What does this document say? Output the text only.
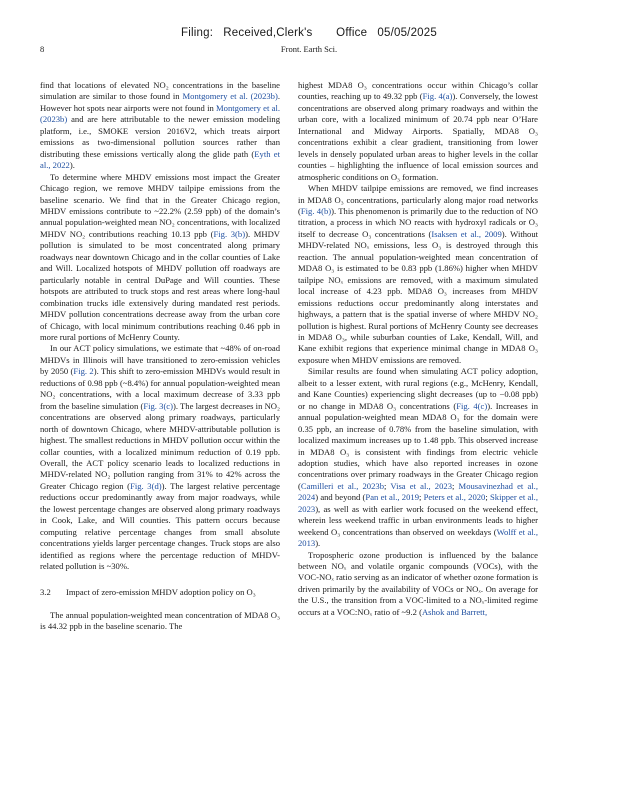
Filing:   Received,Clerk's       Office   05/05/2025
8	Front. Earth Sci.

find that locations of elevated NO₂ concentrations in the baseline simulation are similar to those found in Montgomery et al. (2023b). However hot spots near airports were not found in Montgomery et al. (2023b) and are here attributable to the newer emission modeling platform, i.e., SMOKE version 2016V2, which treats airport emissions as two-dimensional pollution sources rather than distributing these emissions vertically along the glide path (Eyth et al., 2022).

To determine where MHDV emissions most impact the Greater Chicago region, we remove MHDV tailpipe emissions from the baseline scenario. We find that in the Greater Chicago region, MHDV emissions contribute to ~22.2% (2.59 ppb) of the domain’s annual population-weighted mean NO₂ concentrations, with localized MHDV NO₂ contributions reaching 10.13 ppb (Fig. 3(b)). MHDV pollution is simulated to be most concentrated along primary roadways near downtown Chicago and in the collar counties of Lake and Will. Localized hotspots of MHDV pollution off roadways are particularly notable in central DuPage and Will counties. These hotspots are attributed to truck stops and rest areas where long-haul combination trucks idle extensively during mandated rest periods. MHDV pollution concentrations decrease away from the urban core of Chicago, with local minimum contributions reaching 0.46 ppb in more rural portions of McHenry County.

In our ACT policy simulations, we estimate that ~48% of on-road MHDVs in Illinois will have transitioned to zero-emission vehicles by 2050 (Fig. 2). This shift to zero-emission MHDVs would result in reductions of 0.98 ppb (~8.4%) for annual population-weighted mean NO₂ concentrations, with a local maximum decrease of 3.33 ppb from the baseline simulation (Fig. 3(c)). The largest decreases in NO₂ concentrations are observed along primary roadways, particularly north of downtown Chicago, where MHDV-attributable pollution is highest. The smallest reductions in MHDV pollution occur within the collar counties, with a localized minimum reduction of 0.19 ppb. Overall, the ACT policy scenario leads to localized reductions in MHDV-related NO₂ pollution ranging from 31% to 42% across the Greater Chicago region (Fig. 3(d)). The largest relative percentage reductions occur predominantly away from major roadways, while the lowest percentage changes are observed along primary roadways in Cook, Lake, and Will counties. This pattern occurs because computing relative percentage changes from small absolute concentrations yields larger percentage changes. Truck stops are also identified as regions where the percentage reduction of MHDV-related pollution is ~30%.

3.2 Impact of zero-emission MHDV adoption policy on O₃

The annual population-weighted mean concentration of MDA8 O₃ is 44.32 ppb in the baseline scenario. The

highest MDA8 O₃ concentrations occur within Chicago’s collar counties, reaching up to 49.32 ppb (Fig. 4(a)). Conversely, the lowest concentrations are observed along primary roadways and within the urban core, with a localized minimum of 20.74 ppb near O’Hare International and Midway Airports. Spatially, MDA8 O₃ concentrations exhibit a clear gradient, transitioning from lower levels in densely populated urban areas to higher levels in the collar counties – highlighting the influence of local emission sources and atmospheric conditions on O₃ formation.

When MHDV tailpipe emissions are removed, we find increases in MDA8 O₃ concentrations, particularly along major road networks (Fig. 4(b)). This phenomenon is primarily due to the reduction of NO titration, a process in which NO reacts with hydroxyl radicals or O₃ itself to decrease O₃ concentrations (Isaksen et al., 2009). Without MHDV-related NOₓ emissions, less O₃ is destroyed through this reaction. The annual population-weighted mean concentration of MDA8 O₃ is estimated to be 0.83 ppb (1.86%) higher when MHDV tailpipe NOₓ emissions are removed, with a maximum simulated local increase of 4.23 ppb. MDA8 O₃ increases from MHDV emissions reductions occur predominantly along interstates and highways, a pattern that is the spatial inverse of where MHDV NO₂ pollution is highest. Rural portions of McHenry County see decreases in MDA8 O₃, while suburban counties of Lake, Kendall, Will, and Kane exhibit regions that experience minimal change in MDA8 O₃ exposure when MHDV emissions are removed.

Similar results are found when simulating ACT policy adoption, albeit to a lesser extent, with rural regions (e.g., McHenry, Kendall, and Kane Counties) experiencing slight decreases (up to −0.08 ppb) or no change in MDA8 O₃ concentrations (Fig. 4(c)). Increases in annual population-weighted mean MDA8 O₃ for the domain were 0.35 ppb, an increase of 0.78% from the baseline simulation, with localized maximum increases up to 1.48 ppb. This observed increase in MDA8 O₃ is consistent with findings from electric vehicle adoption studies, which have also reported increases in ozone concentrations over primary roadways in the Greater Chicago region (Camilleri et al., 2023b; Visa et al., 2023; Mousavinezhad et al., 2024) and beyond (Pan et al., 2019; Peters et al., 2020; Skipper et al., 2023), as well as with earlier work focused on the weekend effect, wherein less weekend traffic in urban environments leads to higher weekend O₃ concentrations than observed on weekdays (Wolff et al., 2013).

Tropospheric ozone production is influenced by the balance between NOₓ and volatile organic compounds (VOCs), with the VOC-NOₓ ratio serving as an indicator of whether ozone formation is driven primarily by the availability of VOCs or NOₓ. On average for the U.S., the transition from a VOC-limited to a NOₓ-limited regime occurs at a VOC:NOₓ ratio of ~9.2 (Ashok and Barrett,
